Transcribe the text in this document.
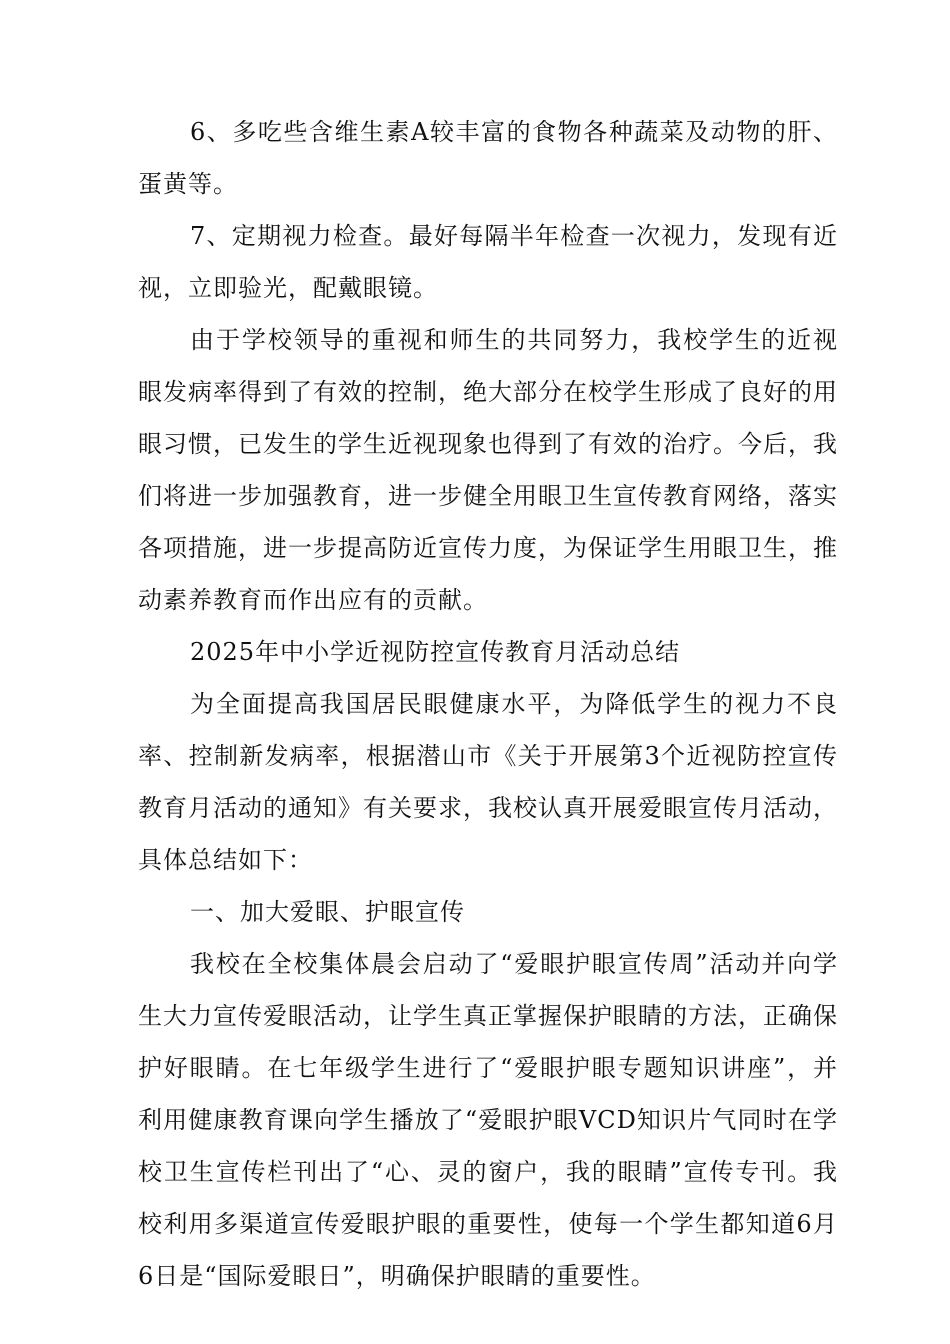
6、多吃些含维生素A较丰富的食物各种蔬菜及动物的肝、蛋黄等。

7、定期视力检查。最好每隔半年检查一次视力，发现有近视，立即验光，配戴眼镜。

由于学校领导的重视和师生的共同努力，我校学生的近视眼发病率得到了有效的控制，绝大部分在校学生形成了良好的用眼习惯，已发生的学生近视现象也得到了有效的治疗。今后，我们将进一步加强教育，进一步健全用眼卫生宣传教育网络，落实各项措施，进一步提高防近宣传力度，为保证学生用眼卫生，推动素养教育而作出应有的贡献。

2025年中小学近视防控宣传教育月活动总结

为全面提高我国居民眼健康水平，为降低学生的视力不良率、控制新发病率，根据潜山市《关于开展第3个近视防控宣传教育月活动的通知》有关要求，我校认真开展爱眼宣传月活动，具体总结如下：

一、加大爱眼、护眼宣传

我校在全校集体晨会启动了“爱眼护眼宣传周”活动并向学生大力宣传爱眼活动，让学生真正掌握保护眼睛的方法，正确保护好眼睛。在七年级学生进行了“爱眼护眼专题知识讲座”，并利用健康教育课向学生播放了“爱眼护眼VCD知识片气同时在学校卫生宣传栏刊出了“心、灵的窗户，我的眼睛”宣传专刊。我校利用多渠道宣传爱眼护眼的重要性，使每一个学生都知道6月6日是“国际爱眼日”，明确保护眼睛的重要性。
